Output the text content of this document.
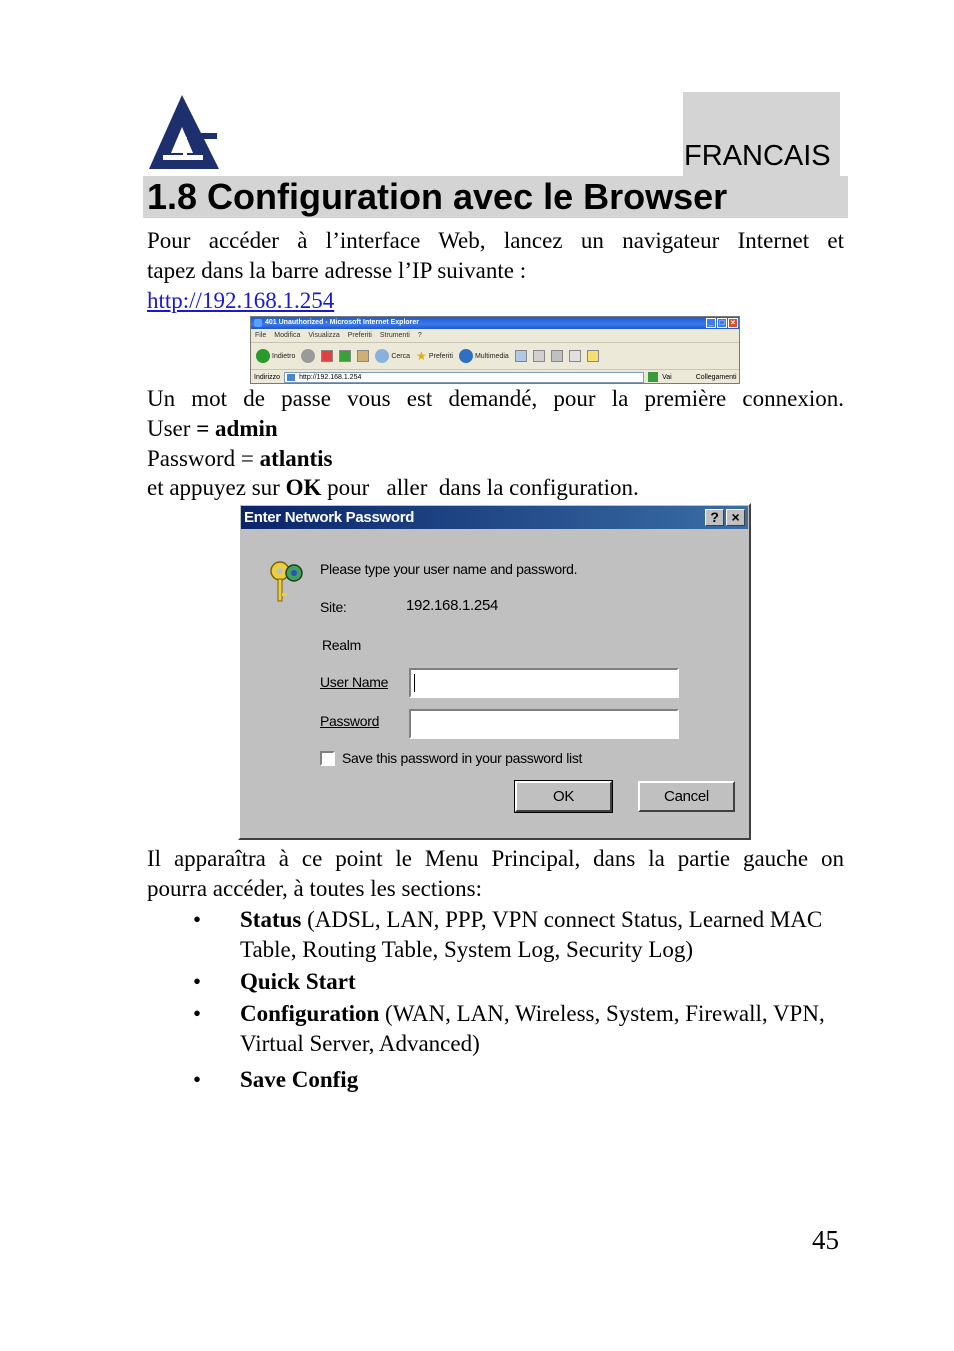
FRANCAIS
1.8 Configuration avec le Browser
Pour accéder à l’interface Web, lancez un navigateur Internet et
tapez dans la barre adresse l’IP suivante :
http://192.168.1.254
401 Unauthorized - Microsoft Internet Explorer	_ □ ×
File Modifica Visualizza Preferiti Strumenti ?
Indietro	Cerca ★ Preferiti	Multimedia
Indirizzo	http://192.168.1.254	Vai	Collegamenti
Un mot de passe vous est demandé, pour la première connexion.
User = admin
Password = atlantis
et appuyez sur OK pour   aller  dans la configuration.
Enter Network Password	? ×
Please type your user name and password.
Site:	192.168.1.254
Realm
User Name
Password
Save this password in your password list
OK	Cancel
Il apparaîtra à ce point le Menu Principal, dans la partie gauche on
pourra accéder, à toutes les sections:
• Status (ADSL, LAN, PPP, VPN connect Status, Learned MAC Table, Routing Table, System Log, Security Log)
• Quick Start
• Configuration (WAN, LAN, Wireless, System, Firewall, VPN, Virtual Server, Advanced)
• Save Config
45
